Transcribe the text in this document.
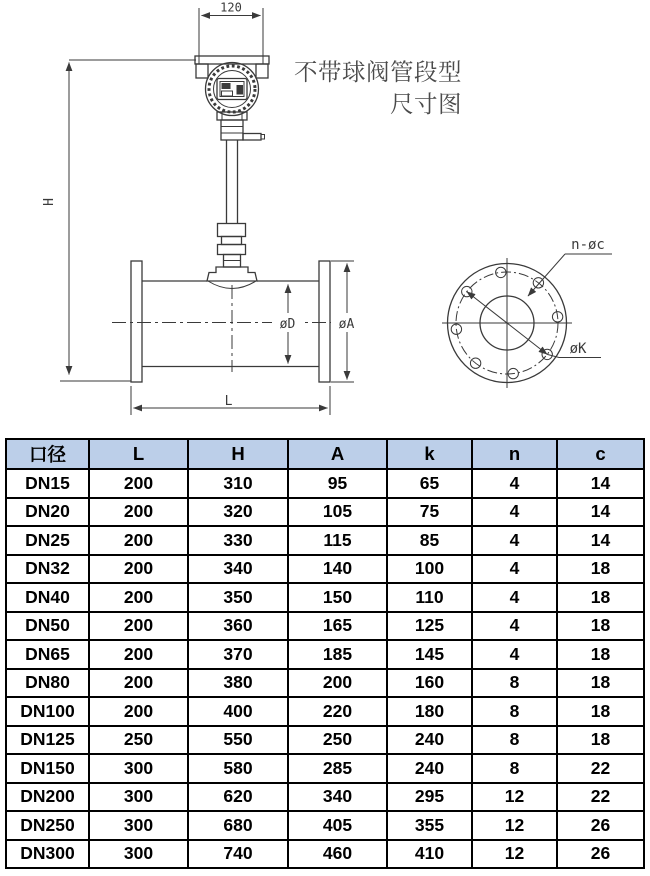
120
H
øD	øA
L
øK
n-øc
不带球阀管段型
尺寸图
口径	L	H	A	k	n	c
DN15	200	310	95	65	4	14
DN20	200	320	105	75	4	14
DN25	200	330	115	85	4	14
DN32	200	340	140	100	4	18
DN40	200	350	150	110	4	18
DN50	200	360	165	125	4	18
DN65	200	370	185	145	4	18
DN80	200	380	200	160	8	18
DN100	200	400	220	180	8	18
DN125	250	550	250	240	8	18
DN150	300	580	285	240	8	22
DN200	300	620	340	295	12	22
DN250	300	680	405	355	12	26
DN300	300	740	460	410	12	26
